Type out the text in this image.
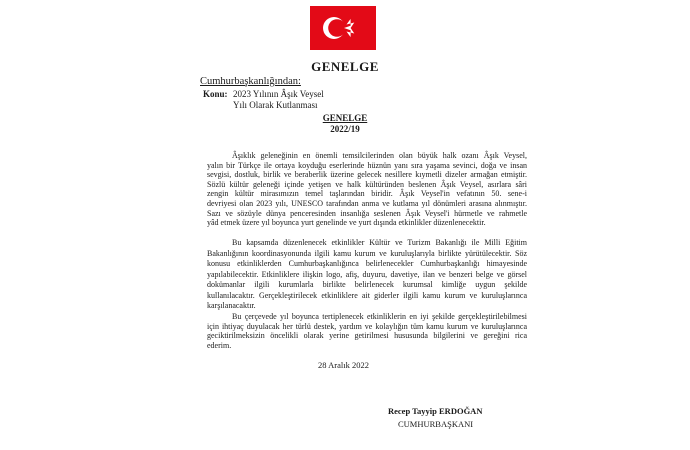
GENELGE
Cumhurbaşkanlığından:
Konu: 2023 Yılının Âşık Veysel
Yılı Olarak Kutlanması
GENELGE
2022/19
Âşıklık geleneğinin en önemli temsilcilerinden olan büyük halk ozanı Âşık Veysel,
yalın bir Türkçe ile ortaya koyduğu eserlerinde hüznün yanı sıra yaşama sevinci, doğa ve insan
sevgisi, dostluk, birlik ve beraberlik üzerine gelecek nesillere kıymetli dizeler armağan etmiştir.
Sözlü kültür geleneği içinde yetişen ve halk kültüründen beslenen Âşık Veysel, asırlara sâri
zengin kültür mirasımızın temel taşlarından biridir. Âşık Veysel'in vefatının 50. sene-i
devriyesi olan 2023 yılı, UNESCO tarafından anma ve kutlama yıl dönümleri arasına alınmıştır.
Sazı ve sözüyle dünya penceresinden insanlığa seslenen Âşık Veysel'i hürmetle ve rahmetle
yâd etmek üzere yıl boyunca yurt genelinde ve yurt dışında etkinlikler düzenlenecektir.
Bu kapsamda düzenlenecek etkinlikler Kültür ve Turizm Bakanlığı ile Milli Eğitim
Bakanlığının koordinasyonunda ilgili kamu kurum ve kuruluşlarıyla birlikte yürütülecektir. Söz
konusu etkinliklerden Cumhurbaşkanlığınca belirlenecekler Cumhurbaşkanlığı himayesinde
yapılabilecektir. Etkinliklere ilişkin logo, afiş, duyuru, davetiye, ilan ve benzeri belge ve görsel
dokümanlar ilgili kurumlarla birlikte belirlenecek kurumsal kimliğe uygun şekilde
kullanılacaktır. Gerçekleştirilecek etkinliklere ait giderler ilgili kamu kurum ve kuruluşlarınca
karşılanacaktır.
Bu çerçevede yıl boyunca tertiplenecek etkinliklerin en iyi şekilde gerçekleştirilebilmesi
için ihtiyaç duyulacak her türlü destek, yardım ve kolaylığın tüm kamu kurum ve kuruluşlarınca
geciktirilmeksizin öncelikli olarak yerine getirilmesi hususunda bilgilerini ve gereğini rica
ederim.
28 Aralık 2022
Recep Tayyip ERDOĞAN
CUMHURBAŞKANI
